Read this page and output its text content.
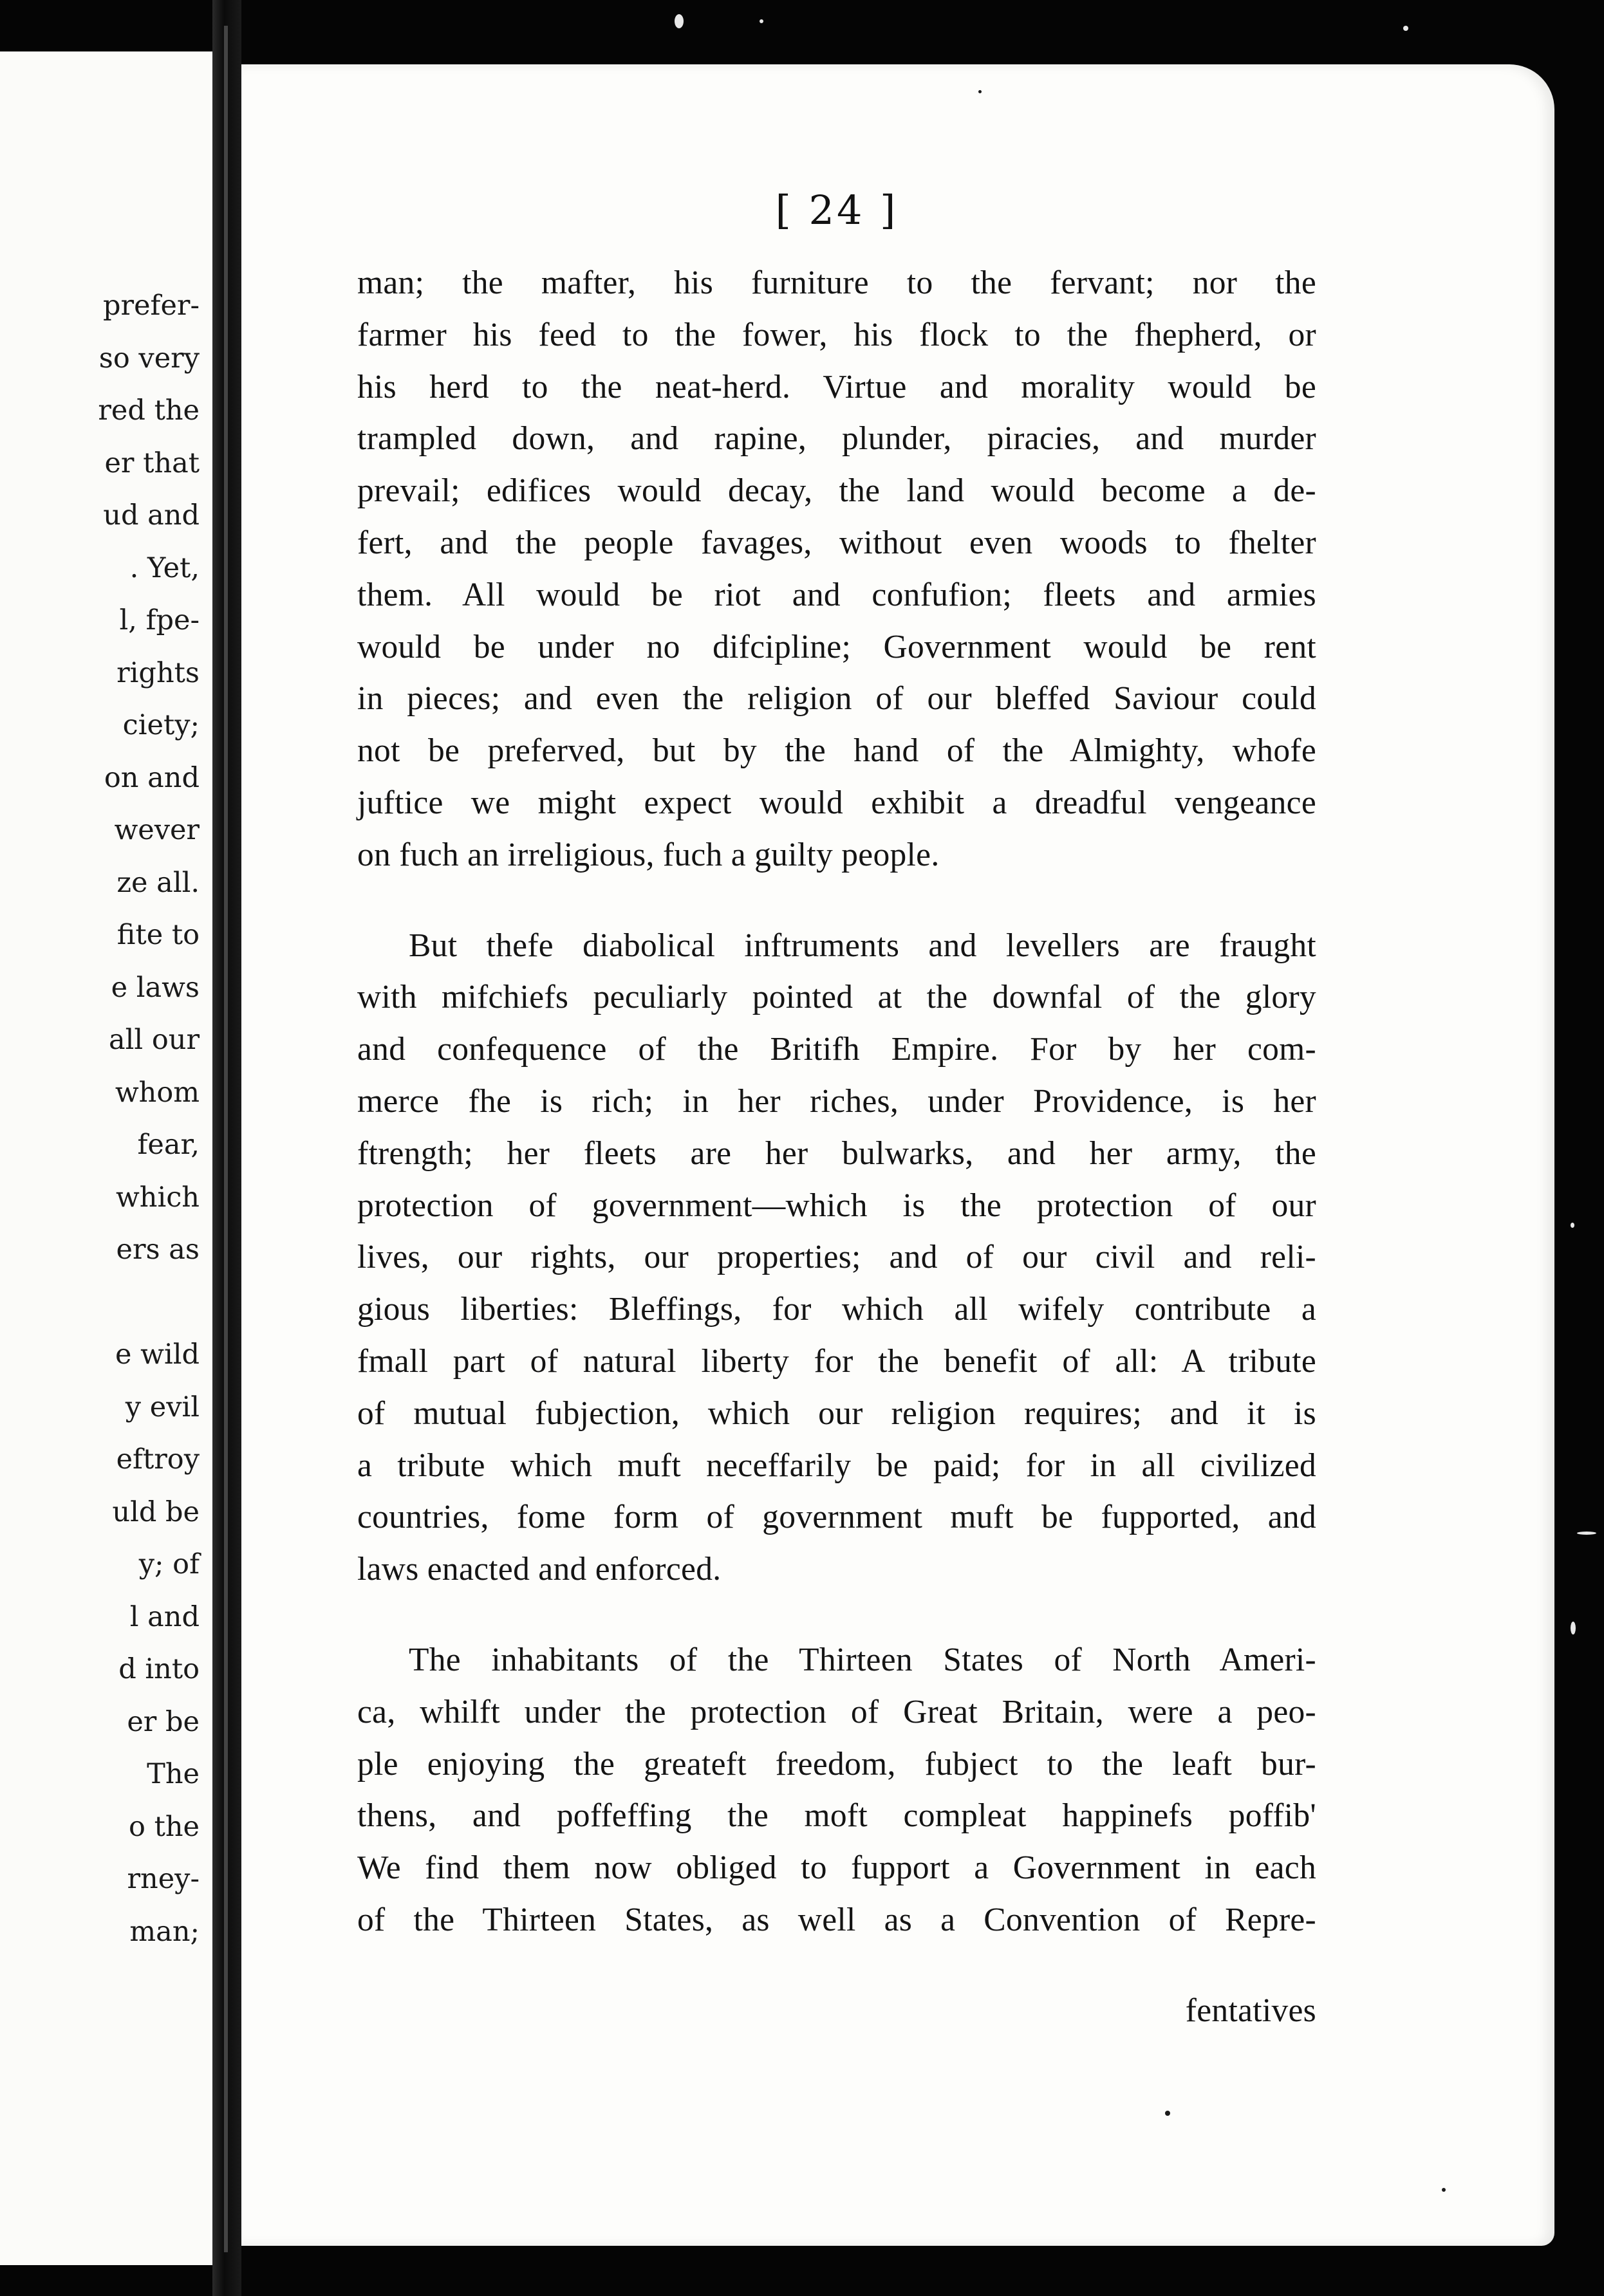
prefer-
so very
red the
er that
ud and
. Yet,
l, fpe-
rights
ciety;
on and
wever
ze all.
fite to
e laws
all our
whom
fear,
which
ers as
e wild
y evil
eftroy
uld be
y; of
l and
d into
er be
The
o the
rney-
man;
[ 24 ]
man; the mafter, his furniture to the fervant; nor the
farmer his feed to the fower, his flock to the fhepherd, or
his herd to the neat-herd. Virtue and morality would be
trampled down, and rapine, plunder, piracies, and murder
prevail; edifices would decay, the land would become a de-
fert, and the people favages, without even woods to fhelter
them. All would be riot and confufion; fleets and armies
would be under no difcipline; Government would be rent
in pieces; and even the religion of our bleffed Saviour could
not be preferved, but by the hand of the Almighty, whofe
juftice we might expect would exhibit a dreadful vengeance
on fuch an irreligious, fuch a guilty people.
But thefe diabolical inftruments and levellers are fraught
with mifchiefs peculiarly pointed at the downfal of the glory
and confequence of the Britifh Empire. For by her com-
merce fhe is rich; in her riches, under Providence, is her
ftrength; her fleets are her bulwarks, and her army, the
protection of government—which is the protection of our
lives, our rights, our properties; and of our civil and reli-
gious liberties: Bleffings, for which all wifely contribute a
fmall part of natural liberty for the benefit of all: A tribute
of mutual fubjection, which our religion requires; and it is
a tribute which muft neceffarily be paid; for in all civilized
countries, fome form of government muft be fupported, and
laws enacted and enforced.
The inhabitants of the Thirteen States of North Ameri-
ca, whilft under the protection of Great Britain, were a peo-
ple enjoying the greateft freedom, fubject to the leaft bur-
thens, and poffeffing the moft compleat happinefs poffib'
We find them now obliged to fupport a Government in each
of the Thirteen States, as well as a Convention of Repre-
fentatives
